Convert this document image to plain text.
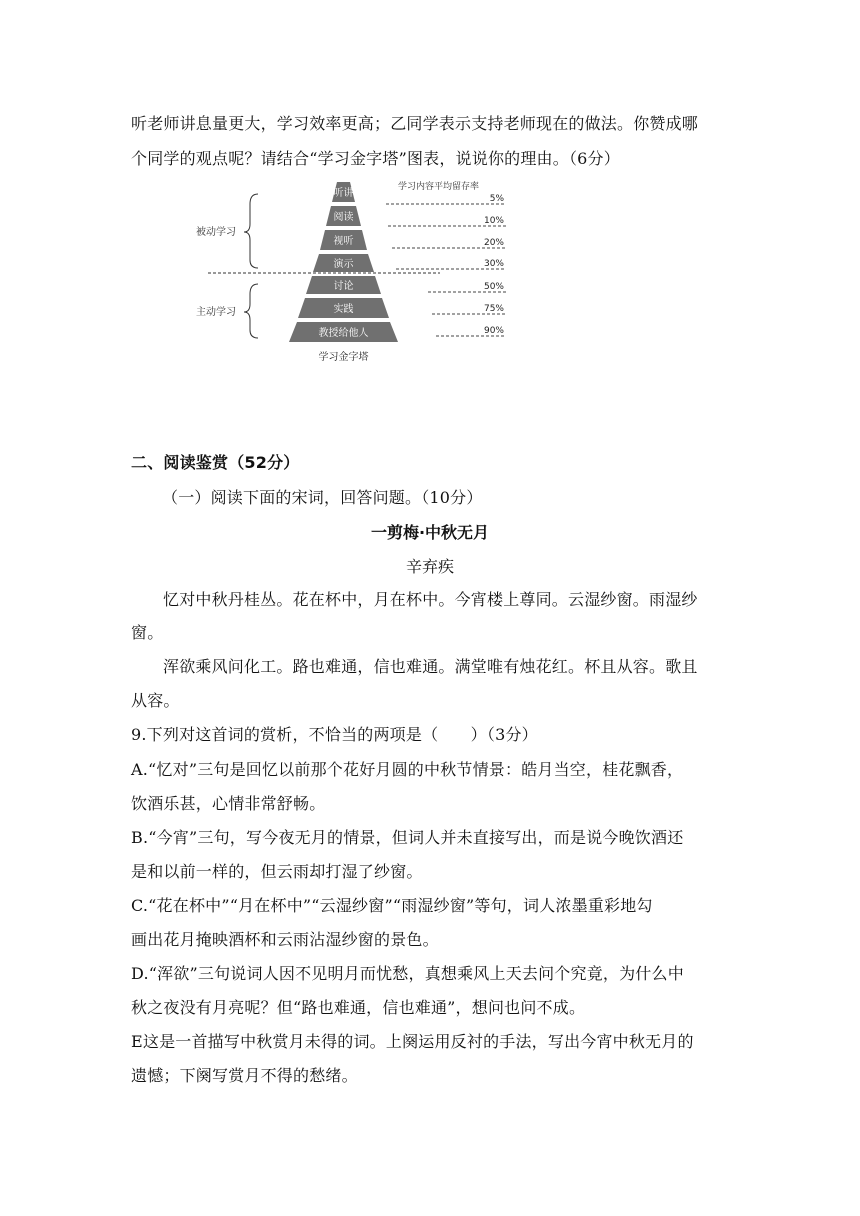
听老师讲息量更大，学习效率更高；乙同学表示支持老师现在的做法。你赞成哪
个同学的观点呢？请结合“学习金字塔”图表，说说你的理由。（6分）
学习内容平均留存率
被动学习
主动学习
听讲
阅读
视听
演示
讨论
实践
教授给他人
5%
10%
20%
30%
50%
75%
90%
学习金字塔
二、阅读鉴赏（52分）
（一）阅读下面的宋词，回答问题。（10分）
一剪梅·中秋无月
辛弃疾
忆对中秋丹桂丛。花在杯中，月在杯中。今宵楼上尊同。云湿纱窗。雨湿纱
窗。
浑欲乘风问化工。路也难通，信也难通。满堂唯有烛花红。杯且从容。歌且
从容。
9.下列对这首词的赏析，不恰当的两项是（　　）（3分）
A.“忆对”三句是回忆以前那个花好月圆的中秋节情景：皓月当空，桂花飘香，
饮酒乐甚，心情非常舒畅。
B.“今宵”三句，写今夜无月的情景，但词人并未直接写出，而是说今晚饮酒还
是和以前一样的，但云雨却打湿了纱窗。
C.“花在杯中”“月在杯中”“云湿纱窗”“雨湿纱窗”等句，词人浓墨重彩地勾
画出花月掩映酒杯和云雨沾湿纱窗的景色。
D.“浑欲”三句说词人因不见明月而忧愁，真想乘风上天去问个究竟，为什么中
秋之夜没有月亮呢？但“路也难通，信也难通”，想问也问不成。
E这是一首描写中秋赏月未得的词。上阕运用反衬的手法，写出今宵中秋无月的
遗憾；下阕写赏月不得的愁绪。
